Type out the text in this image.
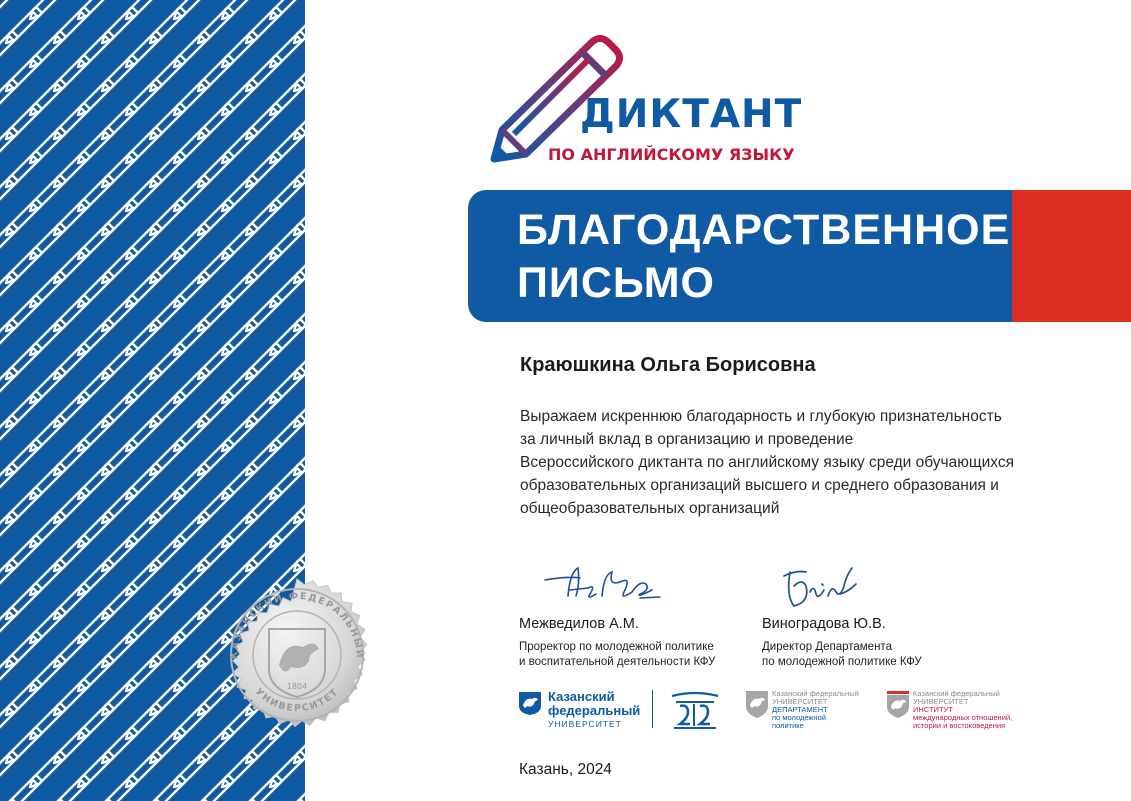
КАЗАНСКИЙ ФЕДЕРАЛЬНЫЙ
УНИВЕРСИТЕТ
1804
ДИКТАНТ
ПО АНГЛИЙСКОМУ ЯЗЫКУ
БЛАГОДАРСТВЕННОЕ
ПИСЬМО
Краюшкина Ольга Борисовна
Выражаем искреннюю благодарность и глубокую признательность
за личный вклад в организацию и проведение
Всероссийского диктанта по английскому языку среди обучающихся
образовательных организаций высшего и среднего образования и
общеобразовательных организаций
Межведилов А.М.
Проректор по молодежной политике
и воспитательной деятельности КФУ
Виноградова Ю.В.
Директор Департамента
по молодежной политике КФУ
Казанский
федеральный
УНИВЕРСИТЕТ
Казанский федеральный
УНИВЕРСИТЕТ
ДЕПАРТАМЕНТ
по молодежной
политике
Казанский федеральный
УНИВЕРСИТЕТ
ИНСТИТУТ
международных отношений,
истории и востоковедения
Казань, 2024
